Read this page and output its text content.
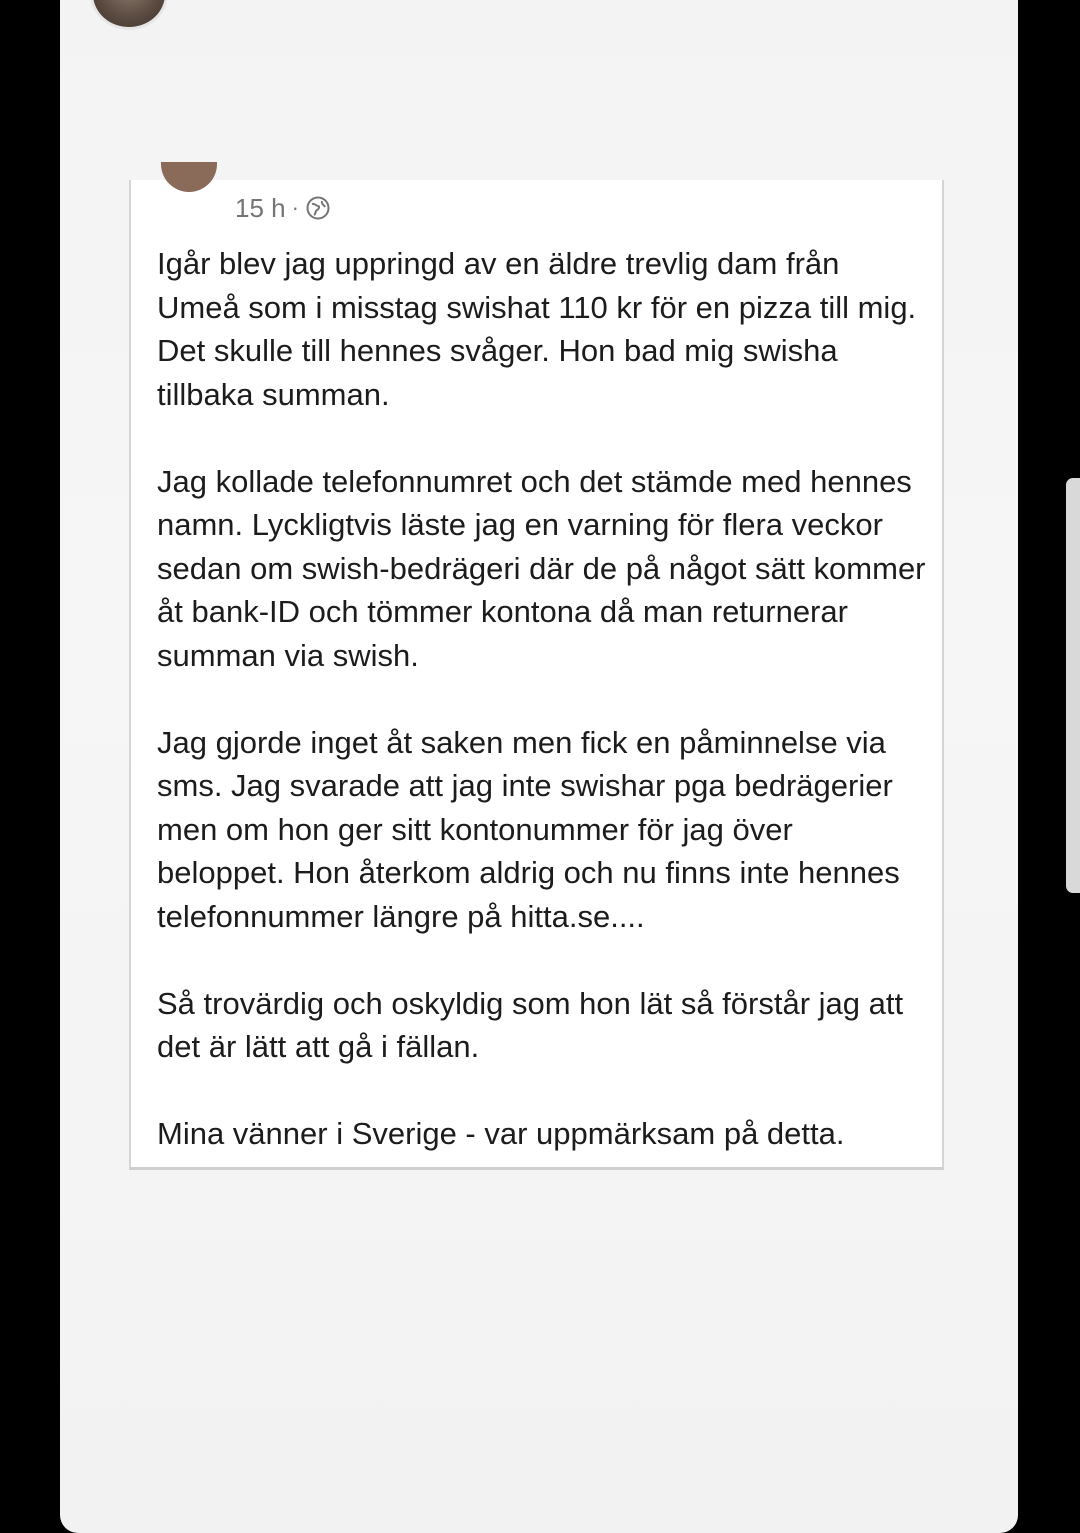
15 h ·

Igår blev jag uppringd av en äldre trevlig dam från Umeå som i misstag swishat 110 kr för en pizza till mig. Det skulle till hennes svåger. Hon bad mig swisha tillbaka summan.

Jag kollade telefonnumret och det stämde med hennes namn. Lyckligtvis läste jag en varning för flera veckor sedan om swish-bedrägeri där de på något sätt kommer åt bank-ID och tömmer kontona då man returnerar summan via swish.

Jag gjorde inget åt saken men fick en påminnelse via sms. Jag svarade att jag inte swishar pga bedrägerier men om hon ger sitt kontonummer för jag över beloppet. Hon återkom aldrig och nu finns inte hennes telefonnummer längre på hitta.se....

Så trovärdig och oskyldig som hon lät så förstår jag att det är lätt att gå i fällan.

Mina vänner i Sverige - var uppmärksam på detta.
